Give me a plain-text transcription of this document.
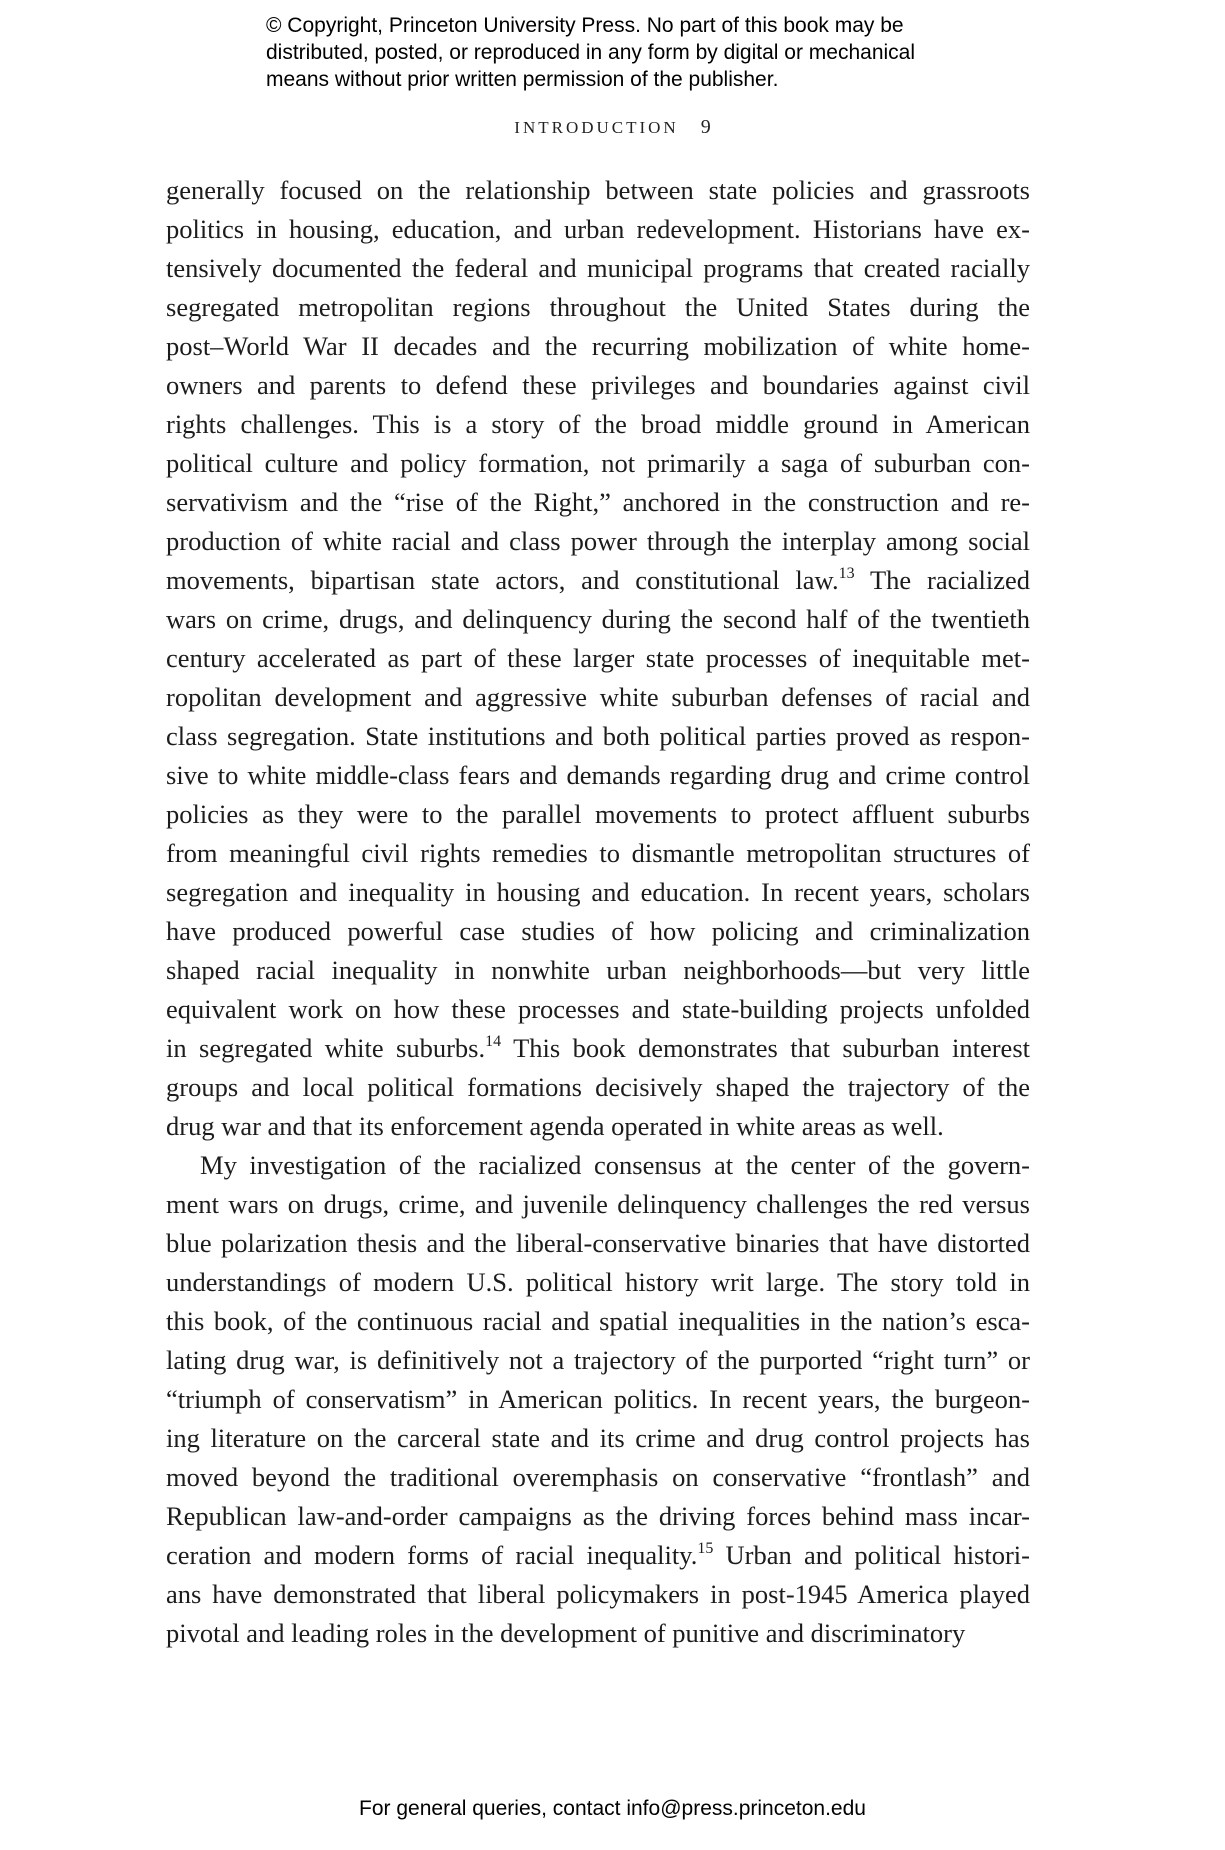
© Copyright, Princeton University Press. No part of this book may be
distributed, posted, or reproduced in any form by digital or mechanical
means without prior written permission of the publisher.
INTRODUCTION 9
generally focused on the relationship between state policies and grassroots
politics in housing, education, and urban redevelopment. Historians have ex-
tensively documented the federal and municipal programs that created racially
segregated metropolitan regions throughout the United States during the
post–World War II decades and the recurring mobilization of white home-
owners and parents to defend these privileges and boundaries against civil
rights challenges. This is a story of the broad middle ground in American
political culture and policy formation, not primarily a saga of suburban con-
servativism and the “rise of the Right,” anchored in the construction and re-
production of white racial and class power through the interplay among social
movements, bipartisan state actors, and constitutional law.$^{13}$ The racialized
wars on crime, drugs, and delinquency during the second half of the twentieth
century accelerated as part of these larger state processes of inequitable met-
ropolitan development and aggressive white suburban defenses of racial and
class segregation. State institutions and both political parties proved as respon-
sive to white middle-class fears and demands regarding drug and crime control
policies as they were to the parallel movements to protect affluent suburbs
from meaningful civil rights remedies to dismantle metropolitan structures of
segregation and inequality in housing and education. In recent years, scholars
have produced powerful case studies of how policing and criminalization
shaped racial inequality in nonwhite urban neighborhoods—but very little
equivalent work on how these processes and state-building projects unfolded
in segregated white suburbs.$^{14}$ This book demonstrates that suburban interest
groups and local political formations decisively shaped the trajectory of the
drug war and that its enforcement agenda operated in white areas as well.
My investigation of the racialized consensus at the center of the govern-
ment wars on drugs, crime, and juvenile delinquency challenges the red versus
blue polarization thesis and the liberal-conservative binaries that have distorted
understandings of modern U.S. political history writ large. The story told in
this book, of the continuous racial and spatial inequalities in the nation’s esca-
lating drug war, is definitively not a trajectory of the purported “right turn” or
“triumph of conservatism” in American politics. In recent years, the burgeon-
ing literature on the carceral state and its crime and drug control projects has
moved beyond the traditional overemphasis on conservative “frontlash” and
Republican law-and-order campaigns as the driving forces behind mass incar-
ceration and modern forms of racial inequality.$^{15}$ Urban and political histori-
ans have demonstrated that liberal policymakers in post-1945 America played
pivotal and leading roles in the development of punitive and discriminatory
For general queries, contact info@press.princeton.edu
